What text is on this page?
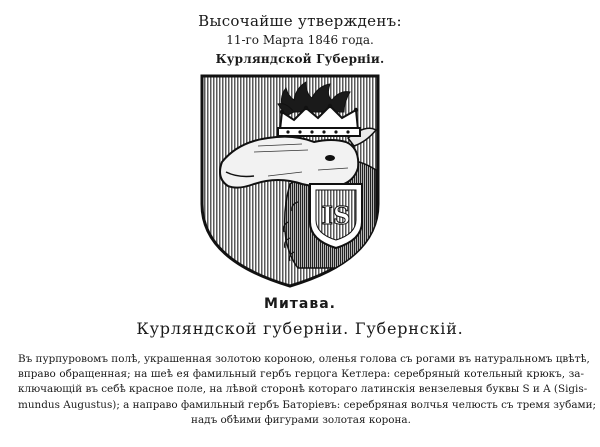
Высочайше утвержденъ:
11-го Марта 1846 года.
Курляндской Губерніи.
IS
Митава.
Курляндской губерніи. Губернскій.
Въ пурпуровомъ полѣ, украшенная золотою короною, оленья голова съ рогами въ натуральномъ цвѣтѣ,
вправо обращенная; на шеѣ ея фамильный гербъ герцога Кетлера: серебряный котельный крюкъ, за-
ключающій въ себѣ красное поле, на лѣвой сторонѣ котораго латинскія вензелевыя буквы S и A (Sigis-
mundus Augustus); а направо фамильный гербъ Баторіевъ: серебряная волчья челюсть съ тремя зубами;
надъ обѣими фигурами золотая корона.
